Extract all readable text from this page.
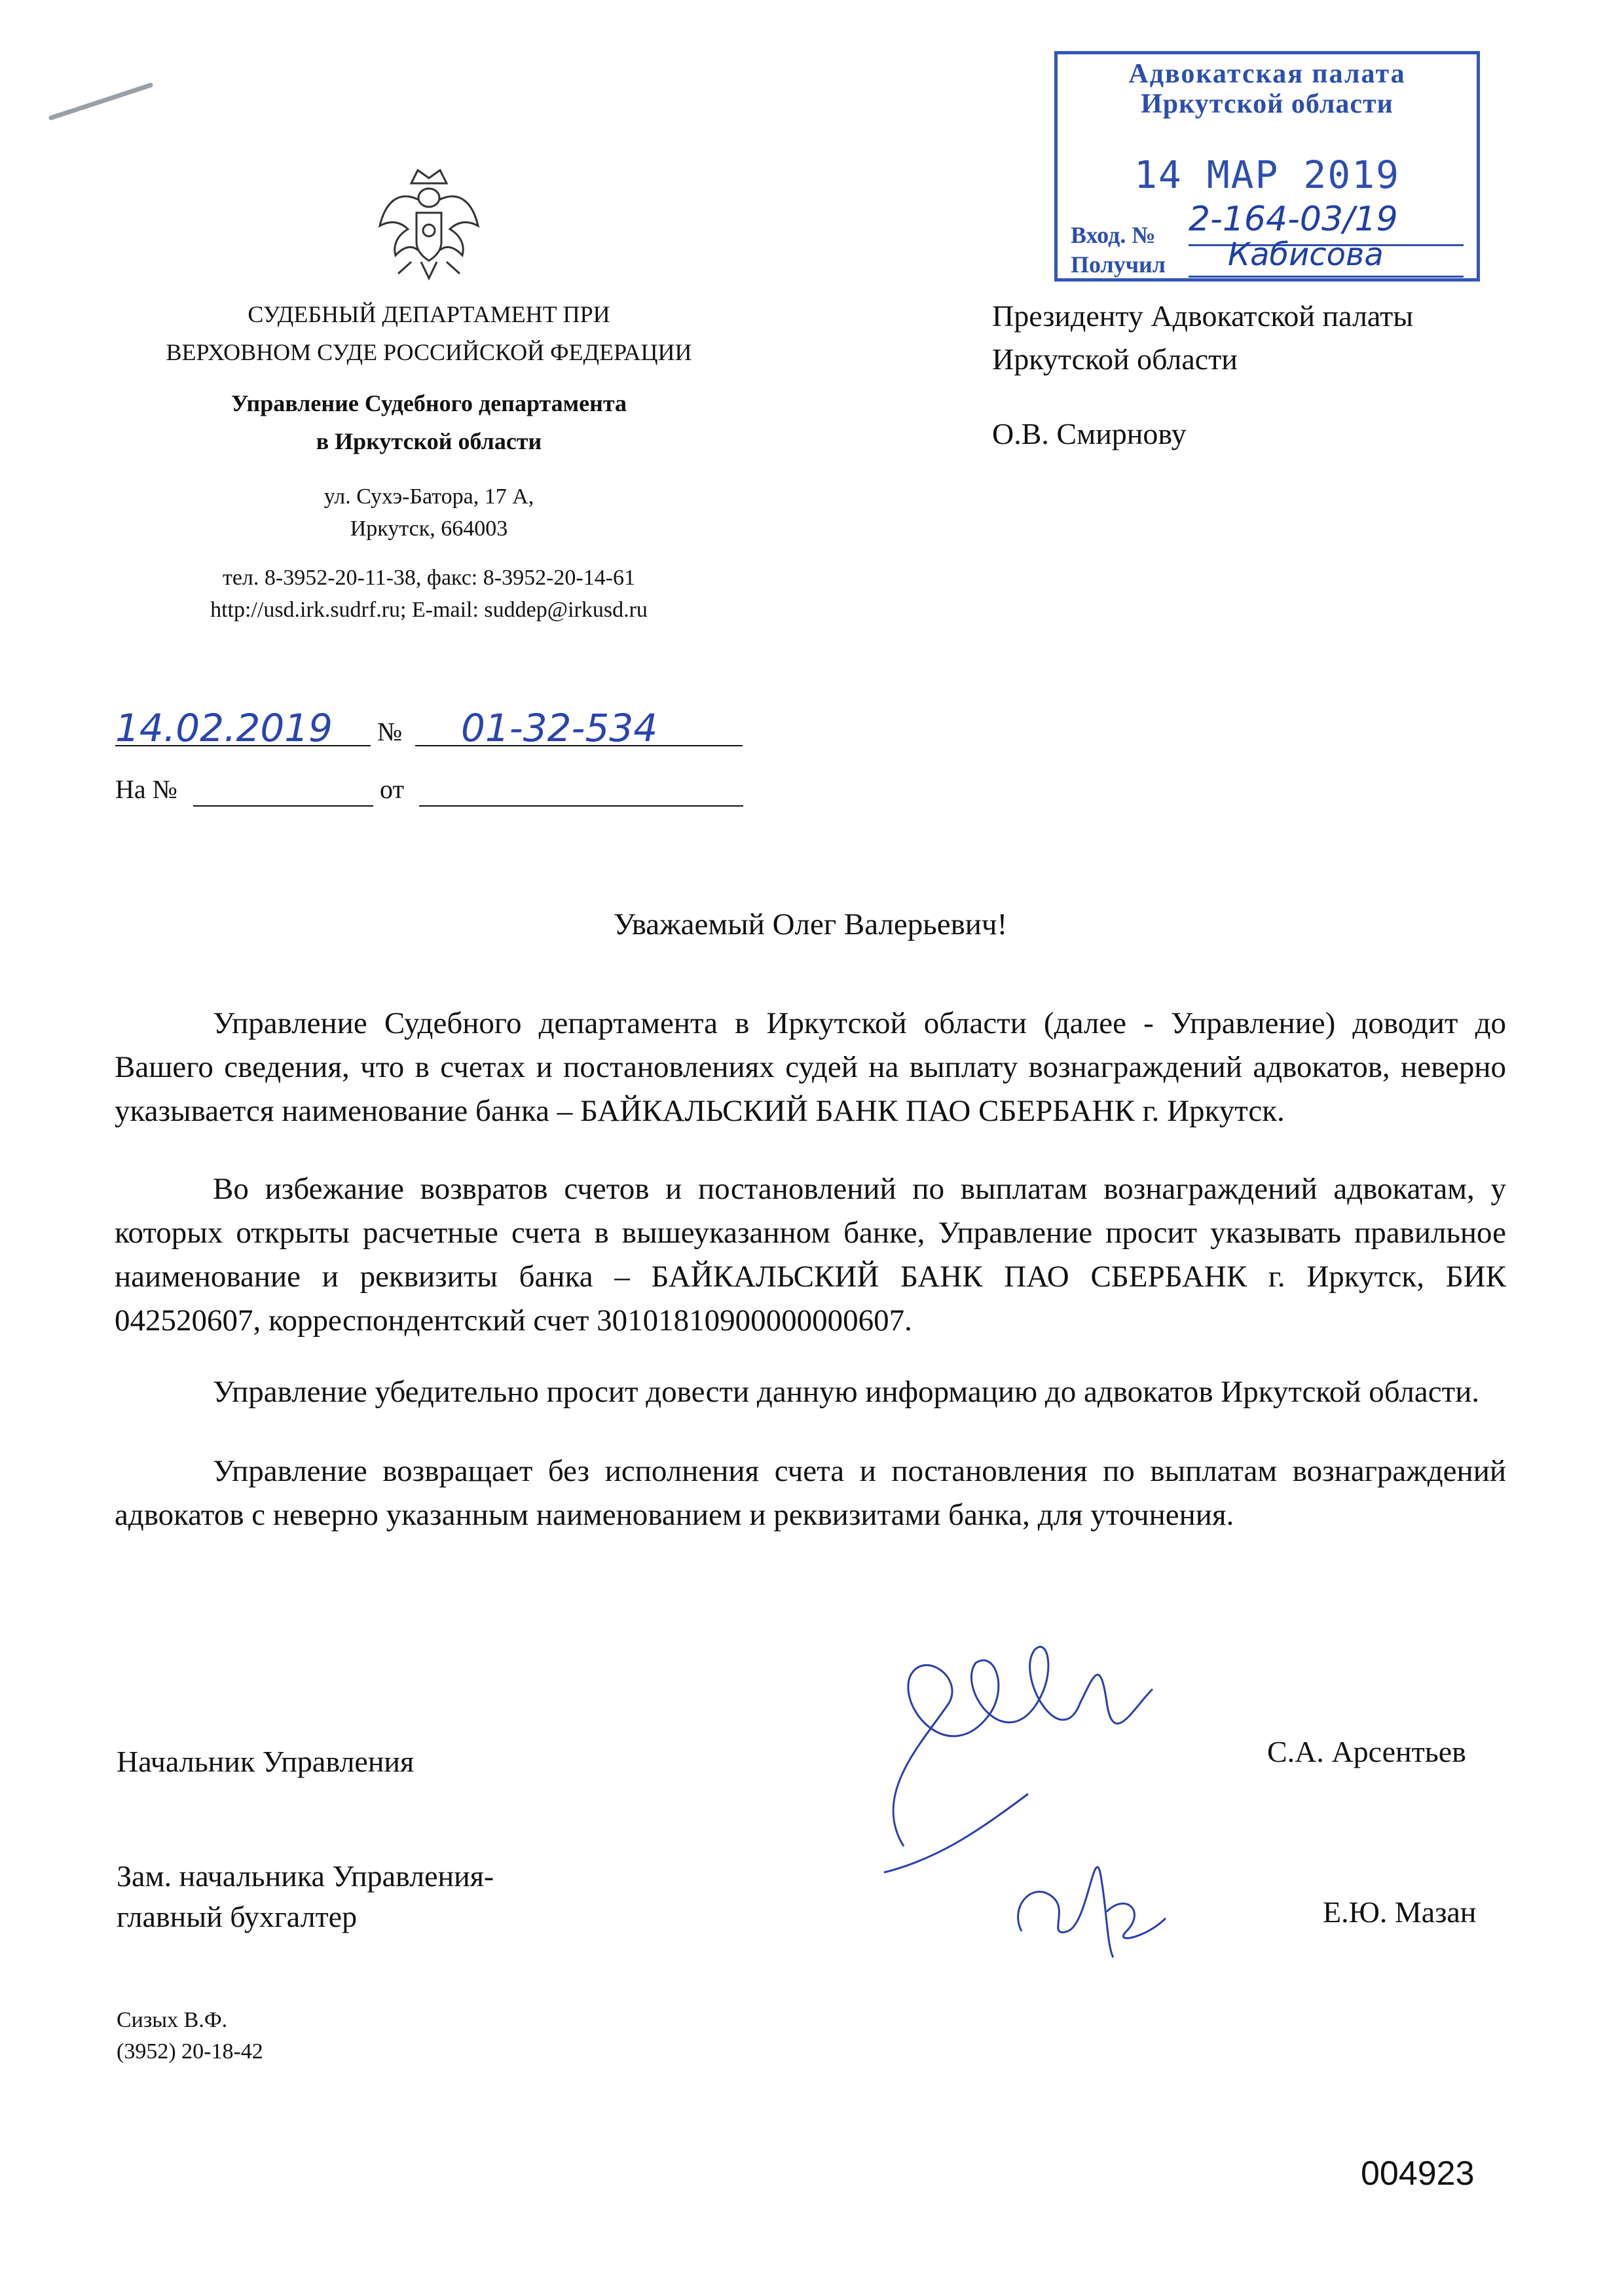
Адвокатская палата
Иркутской области
14 МАР 2019
Вход. № 2-164-03/19
Получил Кабисова
СУДЕБНЫЙ ДЕПАРТАМЕНТ ПРИ
ВЕРХОВНОМ СУДЕ РОССИЙСКОЙ ФЕДЕРАЦИИ
Управление Судебного департамента
в Иркутской области
ул. Сухэ-Батора, 17 А,
Иркутск, 664003
тел. 8-3952-20-11-38, факс: 8-3952-20-14-61
http://usd.irk.sudrf.ru; E-mail: suddep@irkusd.ru
14.02.2019	№	01-32-534
На №	от
Президенту Адвокатской палаты
Иркутской области
О.В. Смирнову
Уважаемый Олег Валерьевич!
Управление Судебного департамента в Иркутской области (далее - Управление) доводит до Вашего сведения, что в счетах и постановлениях судей на выплату вознаграждений адвокатов, неверно указывается наименование банка – БАЙКАЛЬСКИЙ БАНК ПАО СБЕРБАНК г. Иркутск.
Во избежание возвратов счетов и постановлений по выплатам вознаграждений адвокатам, у которых открыты расчетные счета в вышеуказанном банке, Управление просит указывать правильное наименование и реквизиты банка – БАЙКАЛЬСКИЙ БАНК ПАО СБЕРБАНК г. Иркутск, БИК 042520607, корреспондентский счет 30101810900000000607.
Управление убедительно просит довести данную информацию до адвокатов Иркутской области.
Управление возвращает без исполнения счета и постановления по выплатам вознаграждений адвокатов с неверно указанным наименованием и реквизитами банка, для уточнения.
Начальник Управления	С.А. Арсентьев
Зам. начальника Управления-
главный бухгалтер	Е.Ю. Мазан
Сизых В.Ф.
(3952) 20-18-42
004923
